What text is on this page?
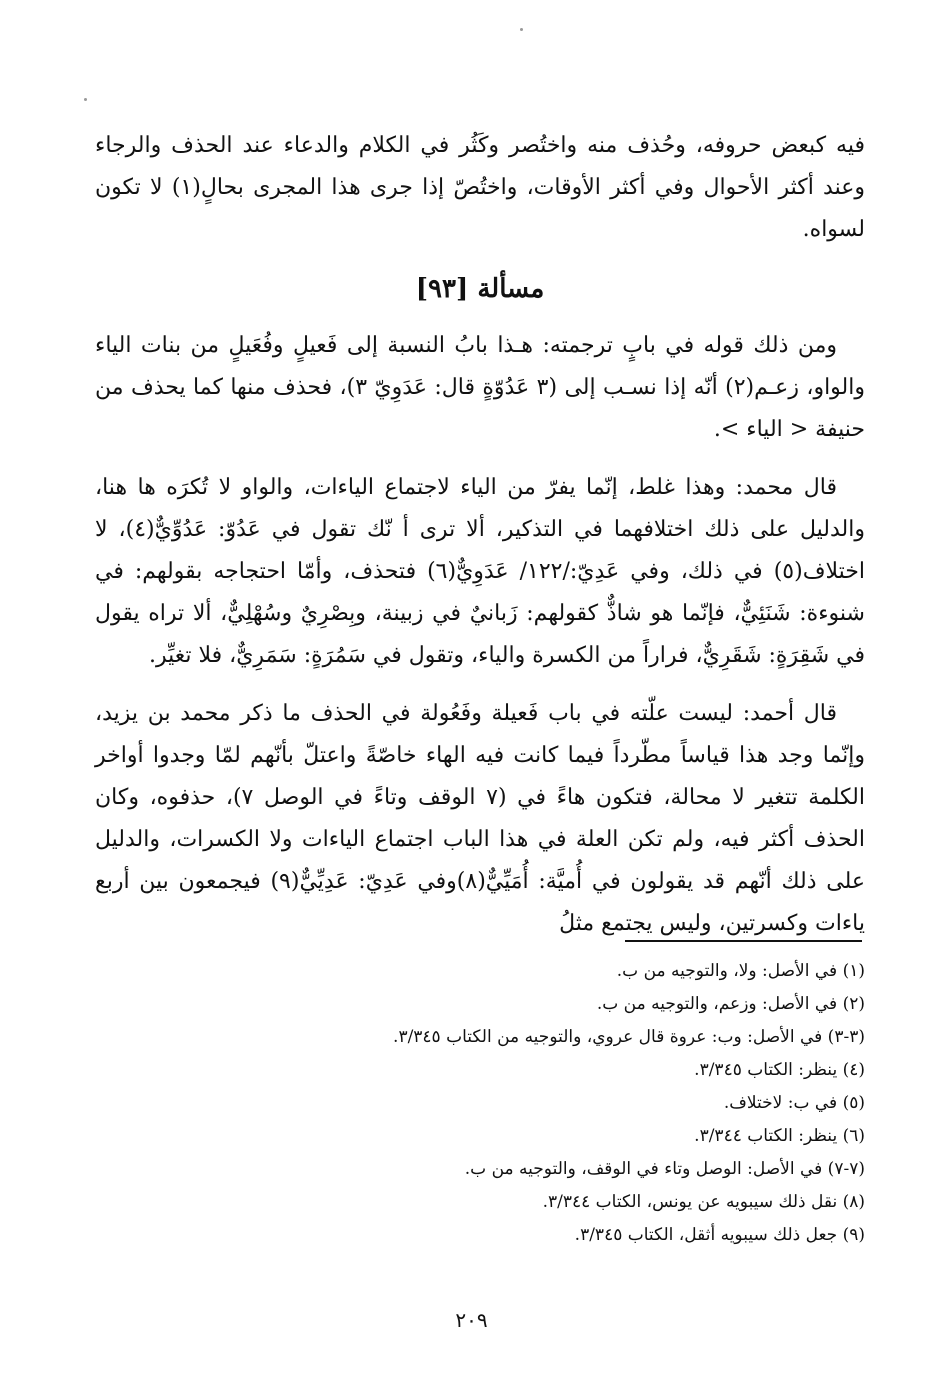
فيه كبعض حروفه، وحُذف منه واختُصر وكَثُر في الكلام والدعاء عند الحذف والرجاء وعند أكثر الأحوال وفي أكثر الأوقات، واختُصّ إذا جرى هذا المجرى بحالٍ(١) لا تكون لسواه.

مسألة [٩٣]

ومن ذلك قوله في بابٍ ترجمته: هـذا بابُ النسبة إلى فَعيلٍ وفُعَيلٍ من بنات الياء والواو، زعـم(٢) أنّه إذا نسـب إلى (٣ عَدُوّةٍ قال: عَدَوِيّ ٣)، فحذف منها كما يحذف من حنيفة < الياء >.

قال محمد: وهذا غلط، إنّما يفرّ من الياء لاجتماع الياءات، والواو لا تُكرَه ها هنا، والدليل على ذلك اختلافهما في التذكير، ألا ترى أ نّك تقول في عَدُوّ: عَدُوِّيٌّ(٤)، لا اختلاف(٥) في ذلك، وفي عَدِيّ:/١٢٢/ عَدَوِيٌّ(٦) فتحذف، وأمّا احتجاجه بقولهم: في شنوءة: شَنَئِيٌّ، فإنّما هو شاذٌّ كقولهم: زَبانيٌ في زبينة، وبِصْرِيٌ وسُهْلِيٌّ، ألا تراه يقول في شَقِرَةٍ: شَقَرِيٌّ، فراراً من الكسرة والياء، وتقول في سَمُرَةٍ: سَمَرِيٌّ، فلا تغيِّر.

قال أحمد: ليست علّته في باب فَعيلة وفَعُولة في الحذف ما ذكر محمد بن يزيد، وإنّما وجد هذا قياساً مطّرداً فيما كانت فيه الهاء خاصّةً واعتلّ بأنّهم لمّا وجدوا أواخر الكلمة تتغير لا محالة، فتكون هاءً في (٧ الوقف وتاءً في الوصل ٧)، حذفوه، وكان الحذف أكثر فيه، ولم تكن العلة في هذا الباب اجتماع الياءات ولا الكسرات، والدليل على ذلك أنّهم قد يقولون في أُميَّة: أُمَيِّيٌّ(٨)وفي عَدِيّ: عَدِيِّيٌّ(٩) فيجمعون بين أربع ياءات وكسرتين، وليس يجتمع مثلُ

(١) في الأصل: ولا، والتوجيه من ب.

(٢) في الأصل: وزعم، والتوجيه من ب.

(٣-٣) في الأصل: وب: عروة قال عروي، والتوجيه من الكتاب ٣/٣٤٥.

(٤) ينظر: الكتاب ٣/٣٤٥.

(٥) في ب: لاختلاف.

(٦) ينظر: الكتاب ٣/٣٤٤.

(٧-٧) في الأصل: الوصل وتاء في الوقف، والتوجيه من ب.

(٨) نقل ذلك سيبويه عن يونس، الكتاب ٣/٣٤٤.

(٩) جعل ذلك سيبويه أثقل، الكتاب ٣/٣٤٥.

٢٠٩
